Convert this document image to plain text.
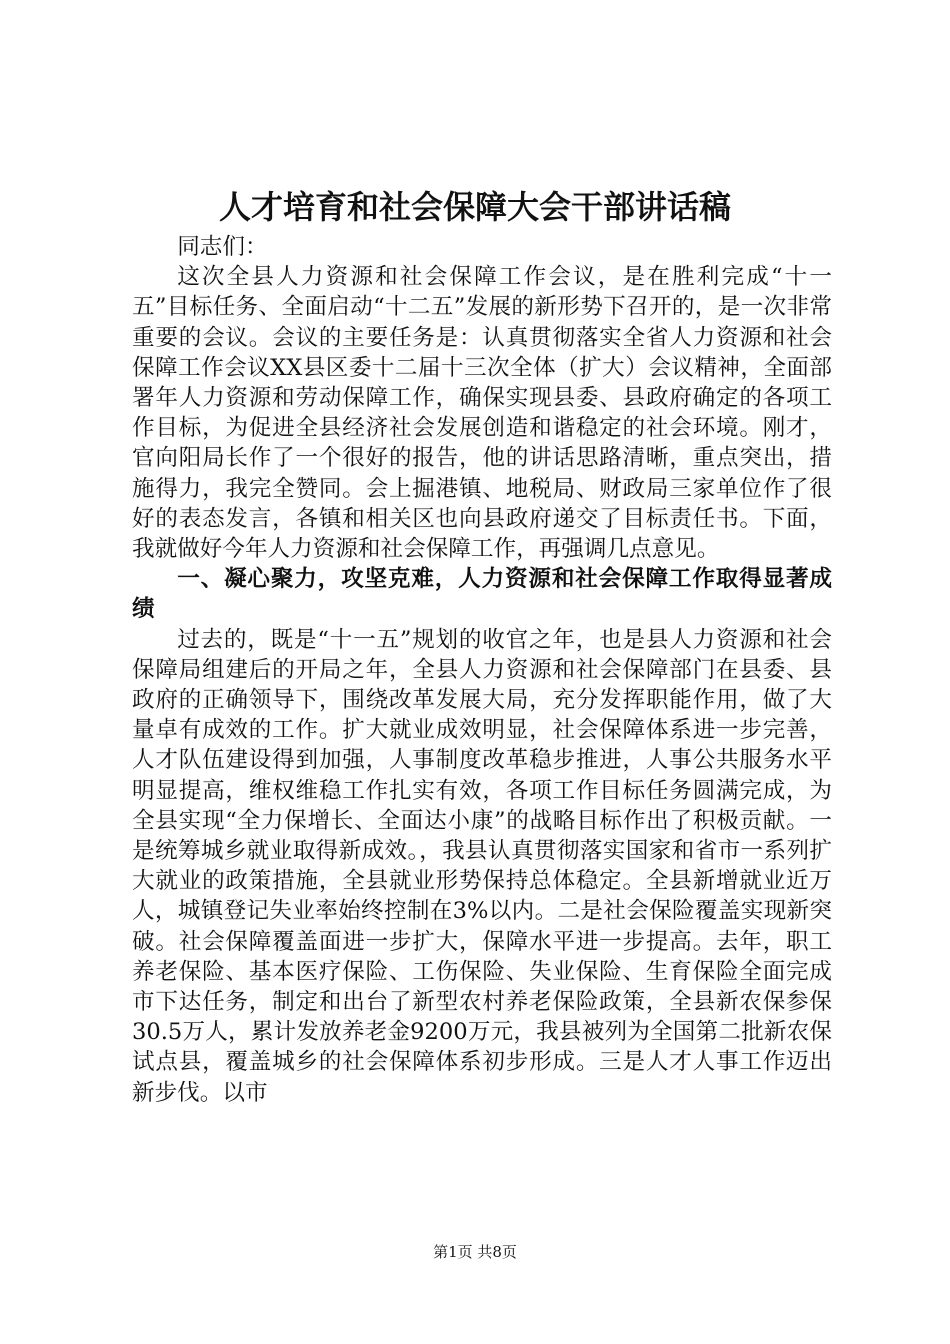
人才培育和社会保障大会干部讲话稿

同志们：

这次全县人力资源和社会保障工作会议，是在胜利完成“十一五”目标任务、全面启动“十二五”发展的新形势下召开的，是一次非常重要的会议。会议的主要任务是：认真贯彻落实全省人力资源和社会保障工作会议XX县区委十二届十三次全体（扩大）会议精神，全面部署年人力资源和劳动保障工作，确保实现县委、县政府确定的各项工作目标，为促进全县经济社会发展创造和谐稳定的社会环境。刚才，官向阳局长作了一个很好的报告，他的讲话思路清晰，重点突出，措施得力，我完全赞同。会上掘港镇、地税局、财政局三家单位作了很好的表态发言，各镇和相关区也向县政府递交了目标责任书。下面，我就做好今年人力资源和社会保障工作，再强调几点意见。

一、凝心聚力，攻坚克难，人力资源和社会保障工作取得显著成绩

过去的，既是“十一五”规划的收官之年，也是县人力资源和社会保障局组建后的开局之年，全县人力资源和社会保障部门在县委、县政府的正确领导下，围绕改革发展大局，充分发挥职能作用，做了大量卓有成效的工作。扩大就业成效明显，社会保障体系进一步完善，人才队伍建设得到加强，人事制度改革稳步推进，人事公共服务水平明显提高，维权维稳工作扎实有效，各项工作目标任务圆满完成，为全县实现“全力保增长、全面达小康”的战略目标作出了积极贡献。一是统筹城乡就业取得新成效。，我县认真贯彻落实国家和省市一系列扩大就业的政策措施，全县就业形势保持总体稳定。全县新增就业近万人，城镇登记失业率始终控制在3%以内。二是社会保险覆盖实现新突破。社会保障覆盖面进一步扩大，保障水平进一步提高。去年，职工养老保险、基本医疗保险、工伤保险、失业保险、生育保险全面完成市下达任务，制定和出台了新型农村养老保险政策，全县新农保参保30.5万人，累计发放养老金9200万元，我县被列为全国第二批新农保试点县，覆盖城乡的社会保障体系初步形成。三是人才人事工作迈出新步伐。以市

第1页 共8页
